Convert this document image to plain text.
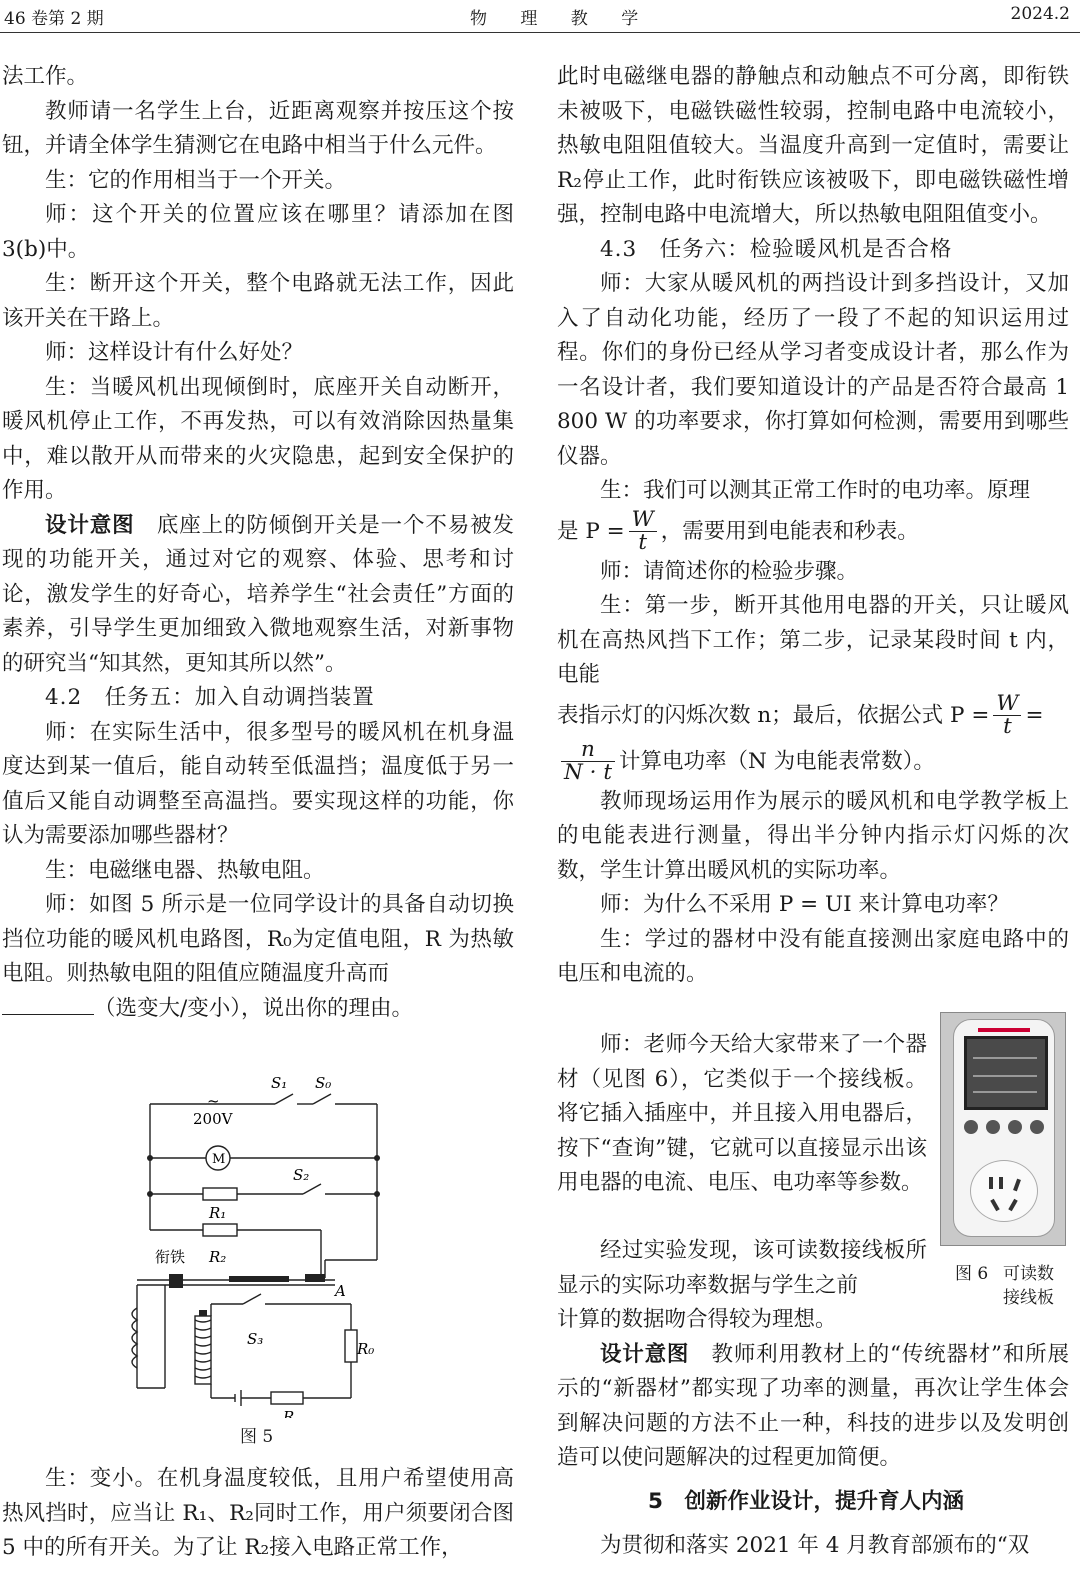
46 卷第 2 期	物 理 教 学	2024.2

法工作。

教师请一名学生上台，近距离观察并按压这个按钮，并请全体学生猜测它在电路中相当于什么元件。

生：它的作用相当于一个开关。

师：这个开关的位置应该在哪里？请添加在图 3(b)中。

生：断开这个开关，整个电路就无法工作，因此该开关在干路上。

师：这样设计有什么好处？

生：当暖风机出现倾倒时，底座开关自动断开，暖风机停止工作，不再发热，可以有效消除因热量集中，难以散开从而带来的火灾隐患，起到安全保护的作用。

设计意图　 底座上的防倾倒开关是一个不易被发现的功能开关，通过对它的观察、体验、思考和讨论，激发学生的好奇心，培养学生“社会责任”方面的素养，引导学生更加细致入微地观察生活，对新事物的研究当“知其然，更知其所以然”。

4.2　任务五：加入自动调挡装置

师：在实际生活中，很多型号的暖风机在机身温度达到某一值后，能自动转至低温挡；温度低于另一值后又能自动调整至高温挡。要实现这样的功能，你认为需要添加哪些器材？

生：电磁继电器、热敏电阻。

师：如图 5 所示是一位同学设计的具备自动切换挡位功能的暖风机电路图，R₀为定值电阻，R 为热敏电阻。则热敏电阻的阻值应随温度升高而
（选变大/变小），说出你的理由。

S₁ S₀
~
200V
M
S₂
R₁
衔铁 R₂
A
S₃
R₀
R
图 5

生：变小。在机身温度较低，且用户希望使用高热风挡时，应当让 R₁、R₂同时工作，用户须要闭合图 5 中的所有开关。为了让 R₂接入电路正常工作，

此时电磁继电器的静触点和动触点不可分离，即衔铁未被吸下，电磁铁磁性较弱，控制电路中电流较小，热敏电阻阻值较大。当温度升高到一定值时，需要让 R₂停止工作，此时衔铁应该被吸下，即电磁铁磁性增强，控制电路中电流增大，所以热敏电阻阻值变小。

4.3　任务六：检验暖风机是否合格

师：大家从暖风机的两挡设计到多挡设计，又加入了自动化功能，经历了一段了不起的知识运用过程。你们的身份已经从学习者变成设计者，那么作为一名设计者，我们要知道设计的产品是否符合最高 1 800 W 的功率要求，你打算如何检测，需要用到哪些仪器。

生：我们可以测其正常工作时的电功率。原理

是 $P = \frac{W}{t}$ ，需要用到电能表和秒表。

师：请简述你的检验步骤。

生：第一步，断开其他用电器的开关，只让暖风机在高热风挡下工作；第二步，记录某段时间 t 内，电能

表指示灯的闪烁次数 n；最后，依据公式 $P = \frac{W}{t}$ =

$\frac{n}{N \cdot t}$ 计算电功率（N 为电能表常数）。

教师现场运用作为展示的暖风机和电学教学板上的电能表进行测量，得出半分钟内指示灯闪烁的次数，学生计算出暖风机的实际功率。

师：为什么不采用 P = UI 来计算电功率？

生：学过的器材中没有能直接测出家庭电路中的电压和电流的。

师：老师今天给大家带来了一个器材（见图 6），它类似于一个接线板。将它插入插座中，并且接入用电器后，按下“查询”键，它就可以直接显示出该用电器的电流、电压、电功率等参数。

图 6 可读数
接线板

经过实验发现，该可读数接线板所显示的实际功率数据与学生之前

计算的数据吻合得较为理想。

设计意图　 教师利用教材上的“传统器材”和所展示的“新器材”都实现了功率的测量，再次让学生体会到解决问题的方法不止一种，科技的进步以及发明创造可以使问题解决的过程更加简便。

5　创新作业设计，提升育人内涵
为贯彻和落实 2021 年 4 月教育部颁布的“双
